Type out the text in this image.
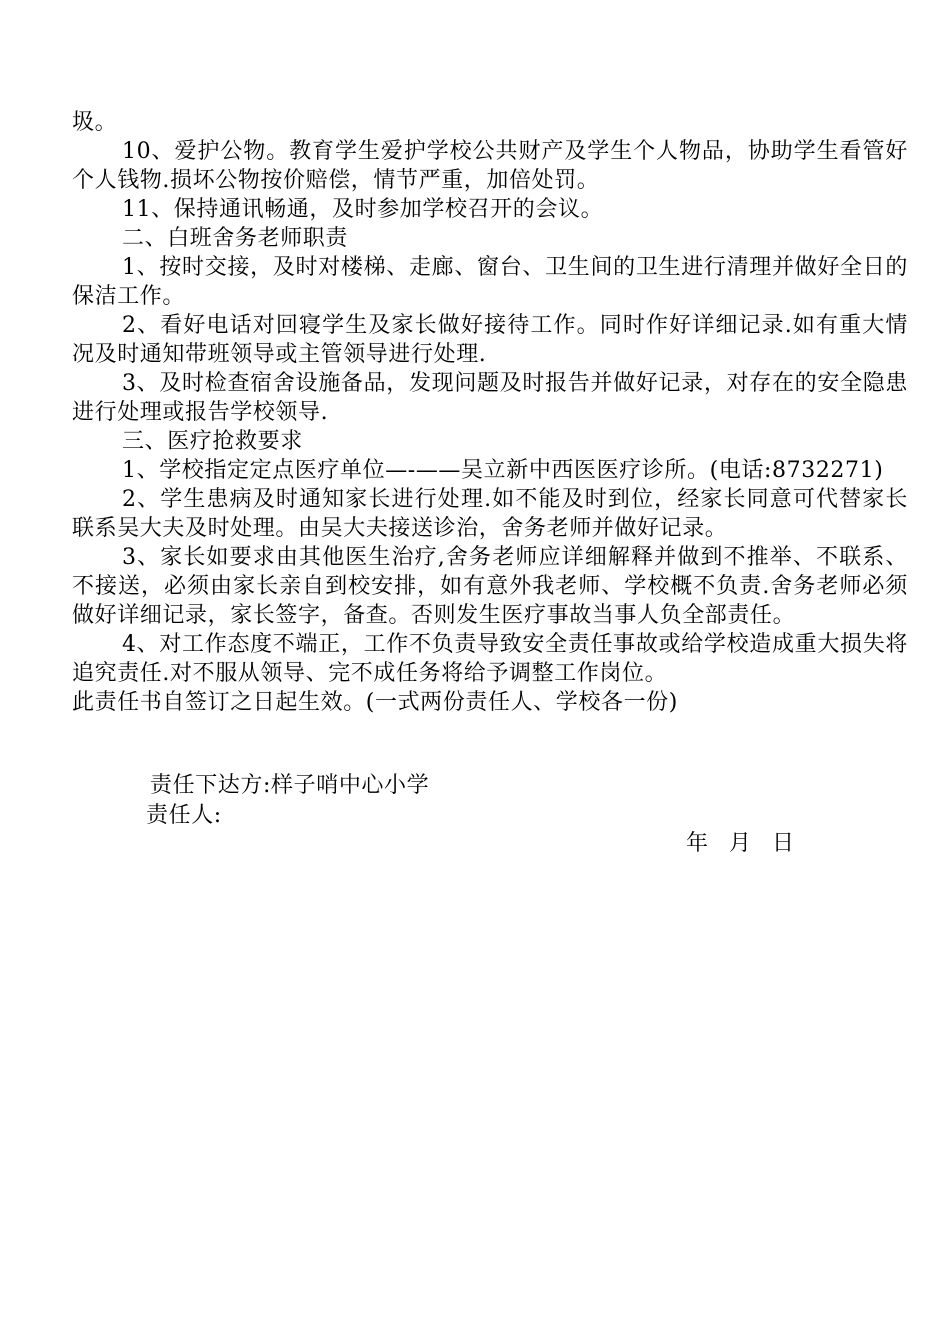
圾。

10、爱护公物。教育学生爱护学校公共财产及学生个人物品，协助学生看管好个人钱物.损坏公物按价赔偿，情节严重，加倍处罚。

11、保持通讯畅通，及时参加学校召开的会议。

二、白班舍务老师职责

1、按时交接，及时对楼梯、走廊、窗台、卫生间的卫生进行清理并做好全日的保洁工作。

2、看好电话对回寝学生及家长做好接待工作。同时作好详细记录.如有重大情况及时通知带班领导或主管领导进行处理.

3、及时检查宿舍设施备品，发现问题及时报告并做好记录，对存在的安全隐患进行处理或报告学校领导.

三、医疗抢救要求

1、学校指定定点医疗单位—-——吴立新中西医医疗诊所。(电话:8732271)

2、学生患病及时通知家长进行处理.如不能及时到位，经家长同意可代替家长联系吴大夫及时处理。由吴大夫接送诊治，舍务老师并做好记录。

3、家长如要求由其他医生治疗,舍务老师应详细解释并做到不推举、不联系、不接送，必须由家长亲自到校安排，如有意外我老师、学校概不负责.舍务老师必须做好详细记录，家长签字，备查。否则发生医疗事故当事人负全部责任。

4、对工作态度不端正，工作不负责导致安全责任事故或给学校造成重大损失将追究责任.对不服从领导、完不成任务将给予调整工作岗位。

此责任书自签订之日起生效。(一式两份责任人、学校各一份)

责任下达方:样子哨中心小学

责任人:

年   月   日
